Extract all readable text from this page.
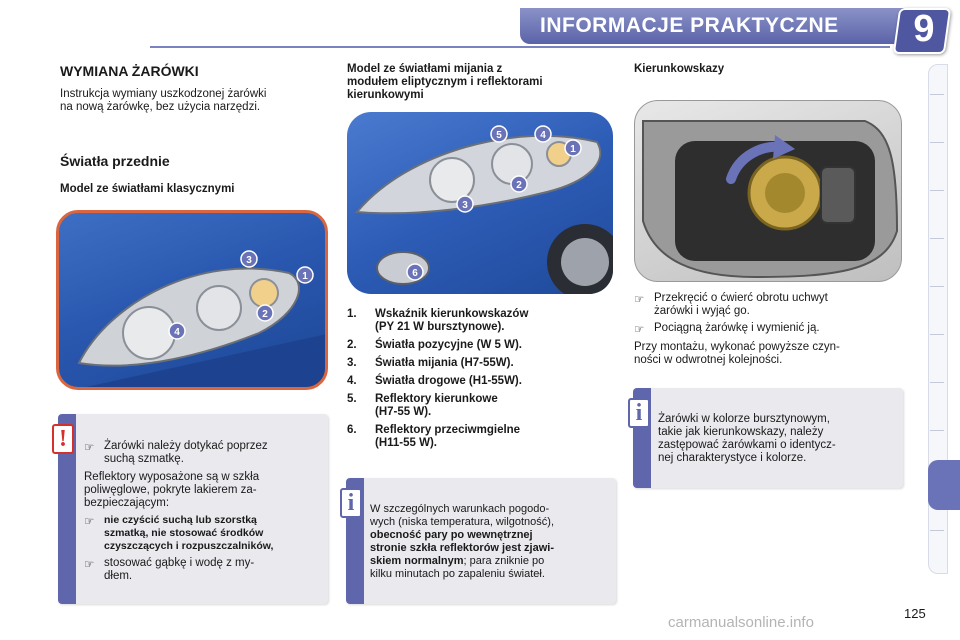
INFORMACJE PRAKTYCZNE 9
WYMIANA ŻARÓWKI
Instrukcja wymiany uszkodzonej żarówki
na nową żarówkę, bez użycia narzędzi.
Światła przednie
Model ze światłami klasycznymi
3
1
2
4
!	☞ Żarówki należy dotykać poprzez
suchą szmatkę.
Reflektory wyposażone są w szkła
poliwęglowe, pokryte lakierem za-
bezpieczającym:
☞ nie czyścić suchą lub szorstką
szmatką, nie stosować środków
czyszczących i rozpuszczalników,
☞ stosować gąbkę i wodę z my-
dłem.
Model ze światłami mijania z
modułem eliptycznym i reflektorami
kierunkowymi
5	4
1
2
3
6
1.	Wskaźnik kierunkowskazów
(PY 21 W bursztynowe).
2.	Światła pozycyjne (W 5 W).
3.	Światła mijania (H7-55W).
4.	Światła drogowe (H1-55W).
5.	Reflektory kierunkowe
(H7-55 W).
6.	Reflektory przeciwmgielne
(H11-55 W).
i	W szczególnych warunkach pogodo-
wych (niska temperatura, wilgotność),
obecność pary po wewnętrznej
stronie szkła reflektorów jest zjawi-
skiem normalnym; para zniknie po
kilku minutach po zapaleniu świateł.
Kierunkowskazy
☞ Przekręcić o ćwierć obrotu uchwyt
żarówki i wyjąć go.
☞ Pociągną żarówkę i wymienić ją.
Przy montażu, wykonać powyższe czyn-
ności w odwrotnej kolejności.
i	Żarówki w kolorze bursztynowym,
takie jak kierunkowskazy, należy
zastępować żarówkami o identycz-
nej charakterystyce i kolorze.
125
carmanualsonline.info
